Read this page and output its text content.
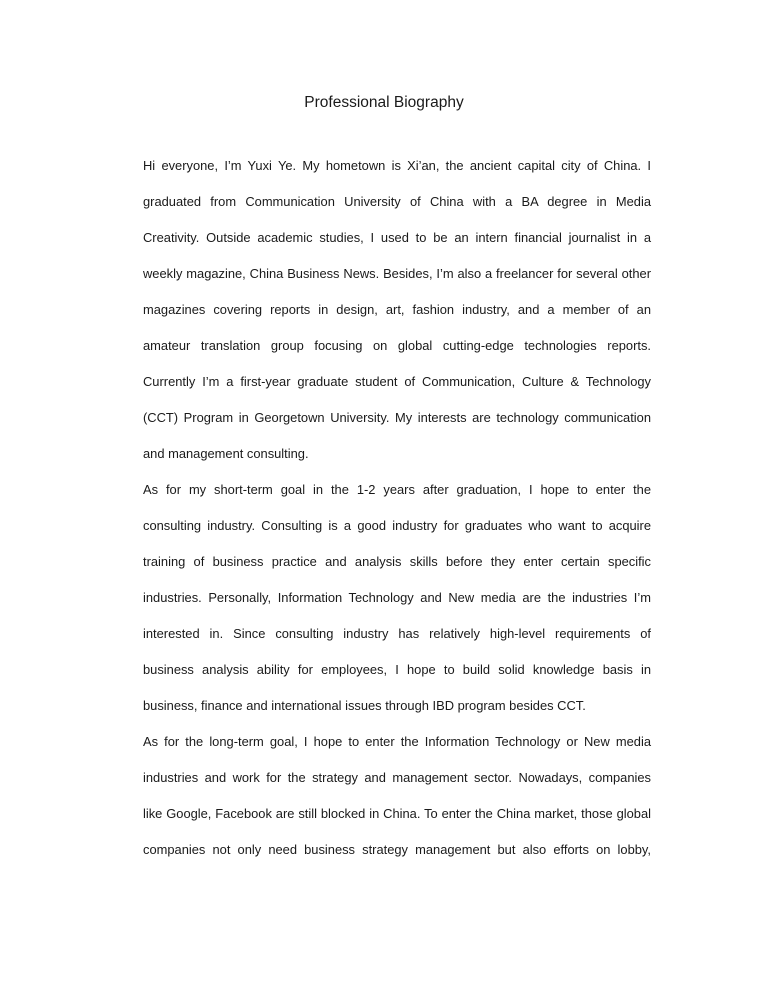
Professional Biography

Hi everyone, I’m Yuxi Ye. My hometown is Xi’an, the ancient capital city of China. I
graduated from Communication University of China with a BA degree in Media
Creativity. Outside academic studies, I used to be an intern financial journalist in a
weekly magazine, China Business News. Besides, I’m also a freelancer for several other
magazines covering reports in design, art, fashion industry, and a member of an
amateur translation group focusing on global cutting-edge technologies reports.
Currently I’m a first-year graduate student of Communication, Culture & Technology
(CCT) Program in Georgetown University. My interests are technology communication
and management consulting.

As for my short-term goal in the 1-2 years after graduation, I hope to enter the
consulting industry. Consulting is a good industry for graduates who want to acquire
training of business practice and analysis skills before they enter certain specific
industries. Personally, Information Technology and New media are the industries I’m
interested in. Since consulting industry has relatively high-level requirements of
business analysis ability for employees, I hope to build solid knowledge basis in
business, finance and international issues through IBD program besides CCT.

As for the long-term goal, I hope to enter the Information Technology or New media
industries and work for the strategy and management sector. Nowadays, companies
like Google, Facebook are still blocked in China. To enter the China market, those global
companies not only need business strategy management but also efforts on lobby,
